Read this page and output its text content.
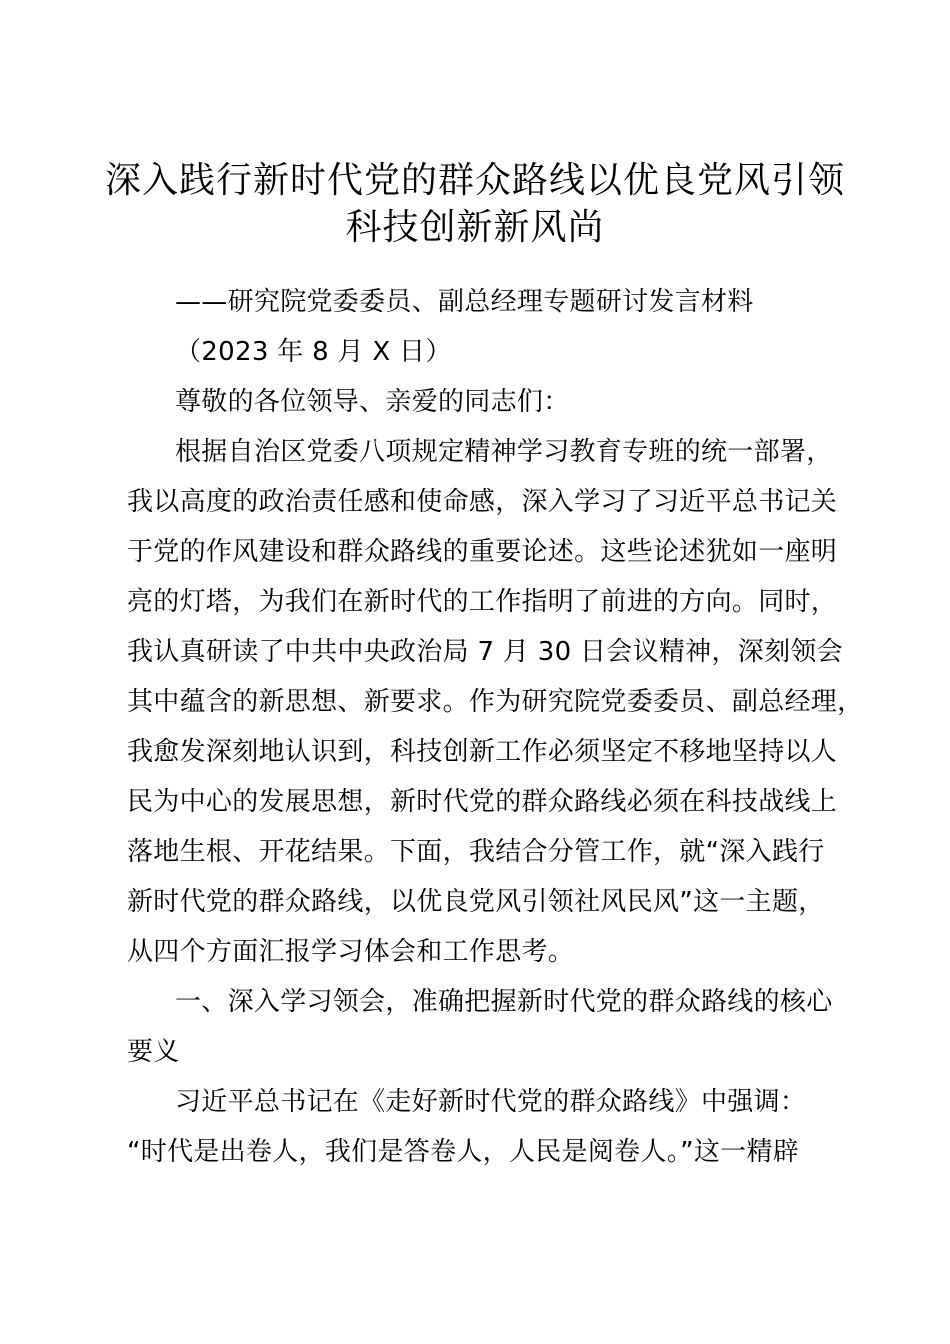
深入践行新时代党的群众路线以优良党风引领
科技创新新风尚
——研究院党委委员、副总经理专题研讨发言材料
（2023 年 8 月 X 日）
尊敬的各位领导、亲爱的同志们：
根据自治区党委八项规定精神学习教育专班的统一部署，
我以高度的政治责任感和使命感，深入学习了习近平总书记关
于党的作风建设和群众路线的重要论述。这些论述犹如一座明
亮的灯塔，为我们在新时代的工作指明了前进的方向。同时，
我认真研读了中共中央政治局 7 月 30 日会议精神，深刻领会
其中蕴含的新思想、新要求。作为研究院党委委员、副总经理，
我愈发深刻地认识到，科技创新工作必须坚定不移地坚持以人
民为中心的发展思想，新时代党的群众路线必须在科技战线上
落地生根、开花结果。下面，我结合分管工作，就“深入践行
新时代党的群众路线，以优良党风引领社风民风”这一主题，
从四个方面汇报学习体会和工作思考。
一、深入学习领会，准确把握新时代党的群众路线的核心
要义
习近平总书记在《走好新时代党的群众路线》中强调：
“时代是出卷人，我们是答卷人，人民是阅卷人。”这一精辟
